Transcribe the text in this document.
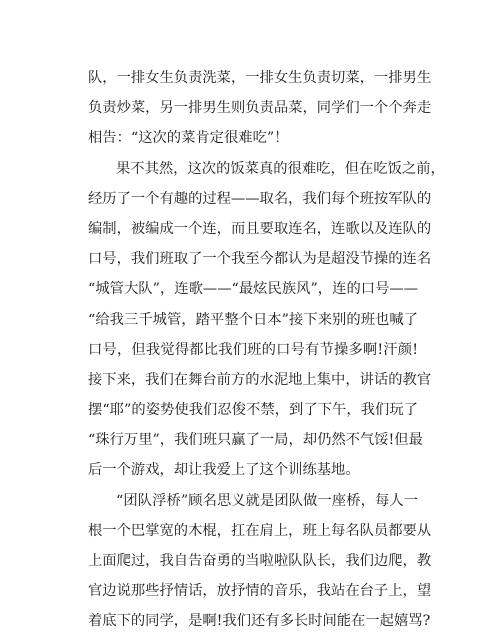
队，一排女生负责洗菜，一排女生负责切菜，一排男生
负责炒菜，另一排男生则负责品菜，同学们一个个奔走
相告：“这次的菜肯定很难吃”！
果不其然，这次的饭菜真的很难吃，但在吃饭之前，
经历了一个有趣的过程——取名，我们每个班按军队的
编制，被编成一个连，而且要取连名，连歌以及连队的
口号，我们班取了一个我至今都认为是超没节操的连名
“城管大队”，连歌——“最炫民族风”，连的口号——
“给我三千城管，踏平整个日本”接下来别的班也喊了
口号，但我觉得都比我们班的口号有节操多啊!汗颜!
接下来，我们在舞台前方的水泥地上集中，讲话的教官
摆“耶”的姿势使我们忍俊不禁，到了下午，我们玩了
“珠行万里”，我们班只赢了一局，却仍然不气馁!但最
后一个游戏，却让我爱上了这个训练基地。
“团队浮桥”顾名思义就是团队做一座桥，每人一
根一个巴掌宽的木棍，扛在肩上，班上每名队员都要从
上面爬过，我自告奋勇的当啦啦队队长，我们边爬，教
官边说那些抒情话，放抒情的音乐，我站在台子上，望
着底下的同学，是啊!我们还有多长时间能在一起嬉骂?
